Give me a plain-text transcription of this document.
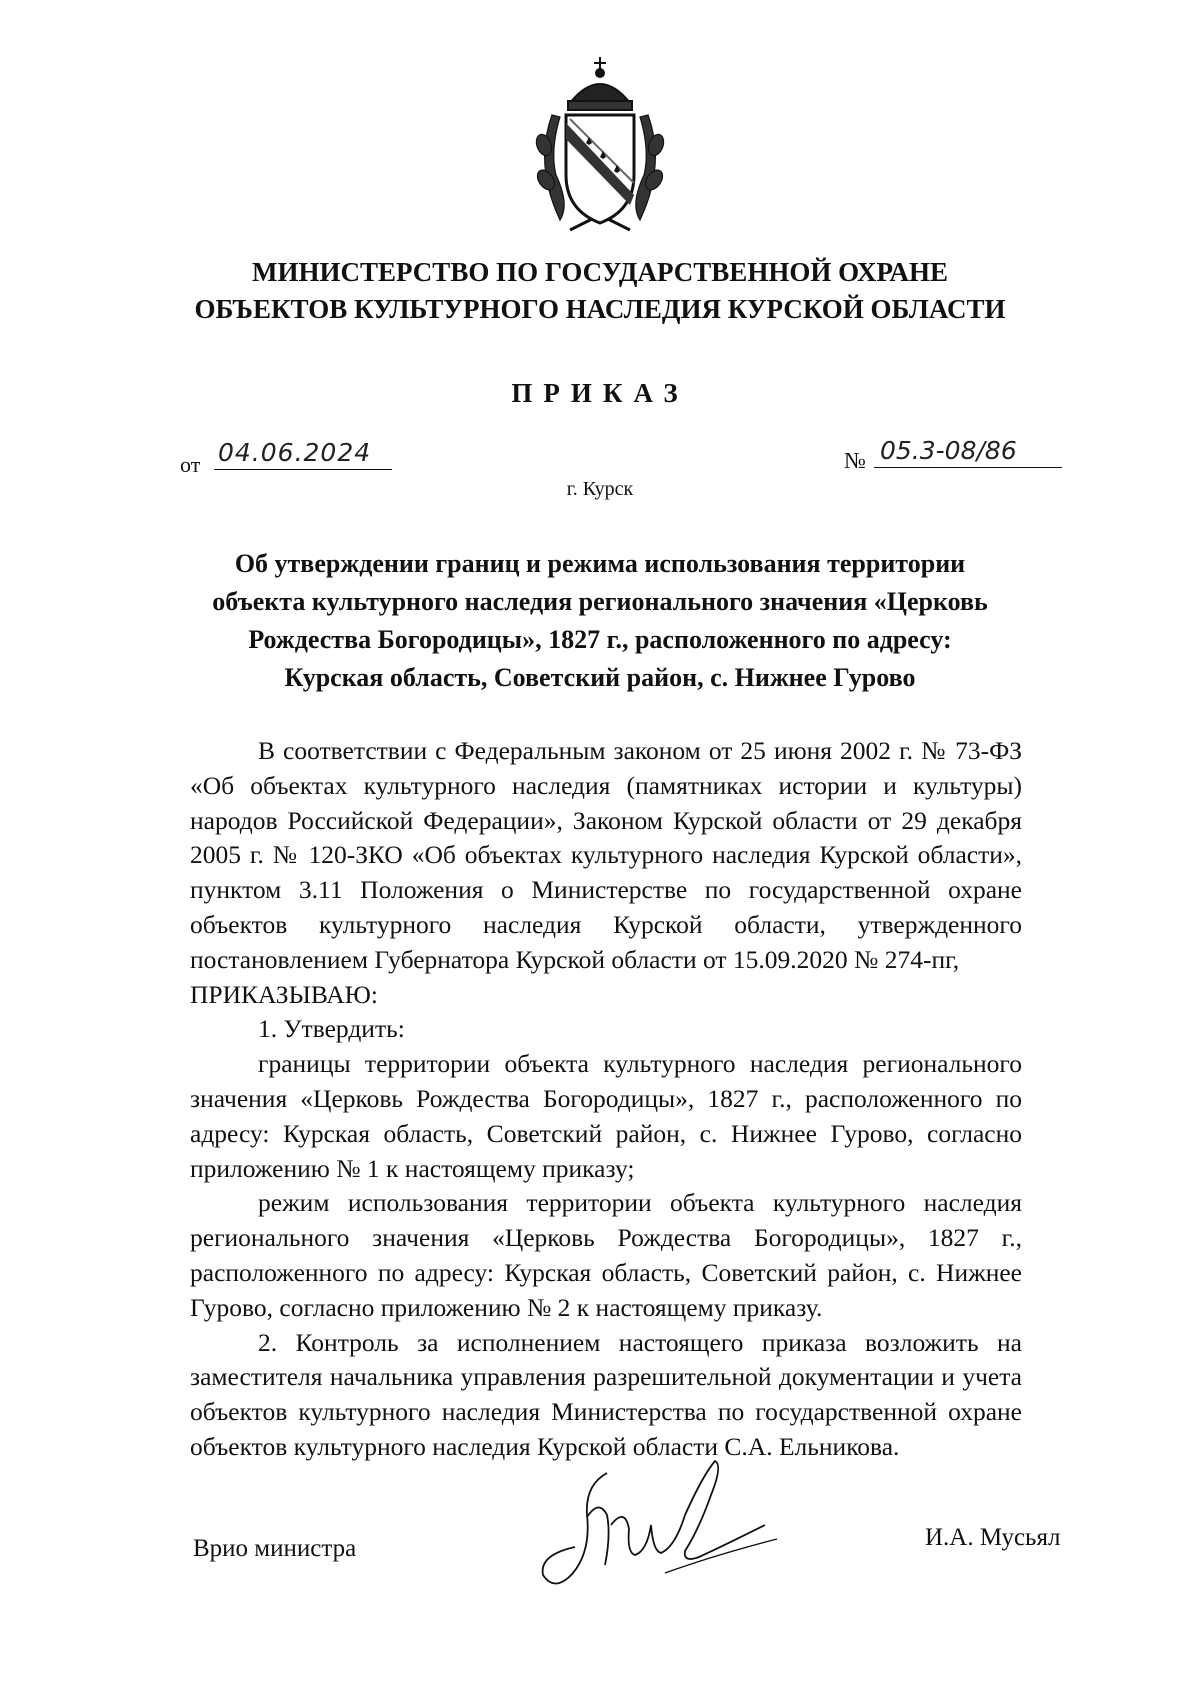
МИНИСТЕРСТВО ПО ГОСУДАРСТВЕННОЙ ОХРАНЕ
ОБЪЕКТОВ КУЛЬТУРНОГО НАСЛЕДИЯ КУРСКОЙ ОБЛАСТИ
ПРИКАЗ
от 04.06.2024	№ 05.3-08/86
г. Курск
Об утверждении границ и режима использования территории
объекта культурного наследия регионального значения «Церковь
Рождества Богородицы», 1827 г., расположенного по адресу:
Курская область, Советский район, с. Нижнее Гурово

В соответствии с Федеральным законом от 25 июня 2002 г. № 73-ФЗ «Об объектах культурного наследия (памятниках истории и культуры) народов Российской Федерации», Законом Курской области от 29 декабря 2005 г. № 120-ЗКО «Об объектах культурного наследия Курской области», пунктом 3.11 Положения о Министерстве по государственной охране объектов культурного наследия Курской области, утвержденного постановлением Губернатора Курской области от 15.09.2020 № 274-пг,

ПРИКАЗЫВАЮ:

1. Утвердить:

границы территории объекта культурного наследия регионального значения «Церковь Рождества Богородицы», 1827 г., расположенного по адресу: Курская область, Советский район, с. Нижнее Гурово, согласно приложению № 1 к настоящему приказу;

режим использования территории объекта культурного наследия регионального значения «Церковь Рождества Богородицы», 1827 г., расположенного по адресу: Курская область, Советский район, с. Нижнее Гурово, согласно приложению № 2 к настоящему приказу.

2. Контроль за исполнением настоящего приказа возложить на заместителя начальника управления разрешительной документации и учета объектов культурного наследия Министерства по государственной охране объектов культурного наследия Курской области С.А. Ельникова.

Врио министра	И.А. Мусьял
